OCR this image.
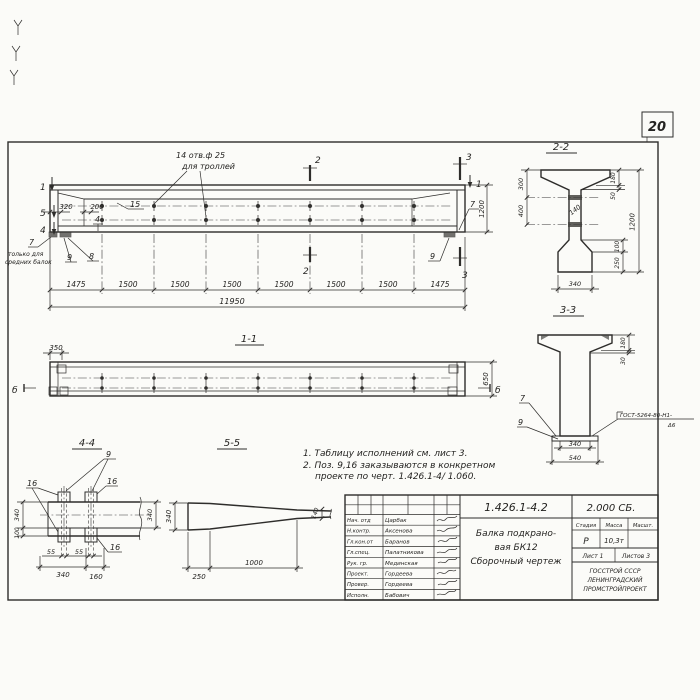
20
14 отв.ф 25
для троллей
1
5
4
1
2
2
3
3
320	200	15
4
7
только для
средних балок
9 8
7
9
1200
1475	1500	1500	1500	1500	1500	1500	1475
11950
2-2
300
400
180
50
1200
100
250
140
340
3-3
180
30
ГОСТ-5264-80-Н1-
Δ6
7
9
340
540
1-1
350
б	б
650
4-4
9
16	16
16
340
100
340
55	55
340	160
5-5
140
340
250
1000
1. Таблицу исполнений см. лист 3.
2. Поз. 9,16 заказываются в конкретном
проекте по черт. 1.426.1-4/ 1.060.
Нач. отд	Царбак
Н.контр.	Аксенова
Гл.кон.от Баранов
Гл.спец.	Палатникова
Рук. гр.	Мединская
Проект.	Гордеева
Провер.	Гордеева
Исполн.	Бабович
1.426.1-4.2	2.000 СБ.
Балка подкрано-
вая БК12
Сборочный чертеж
Стадия Масса Масшт.
Р 10,3т
Лист 1	Листов 3
ГОССТРОЙ СССР
ЛЕНИНГРАДСКИЙ
ПРОМСТРОЙПРОЕКТ
